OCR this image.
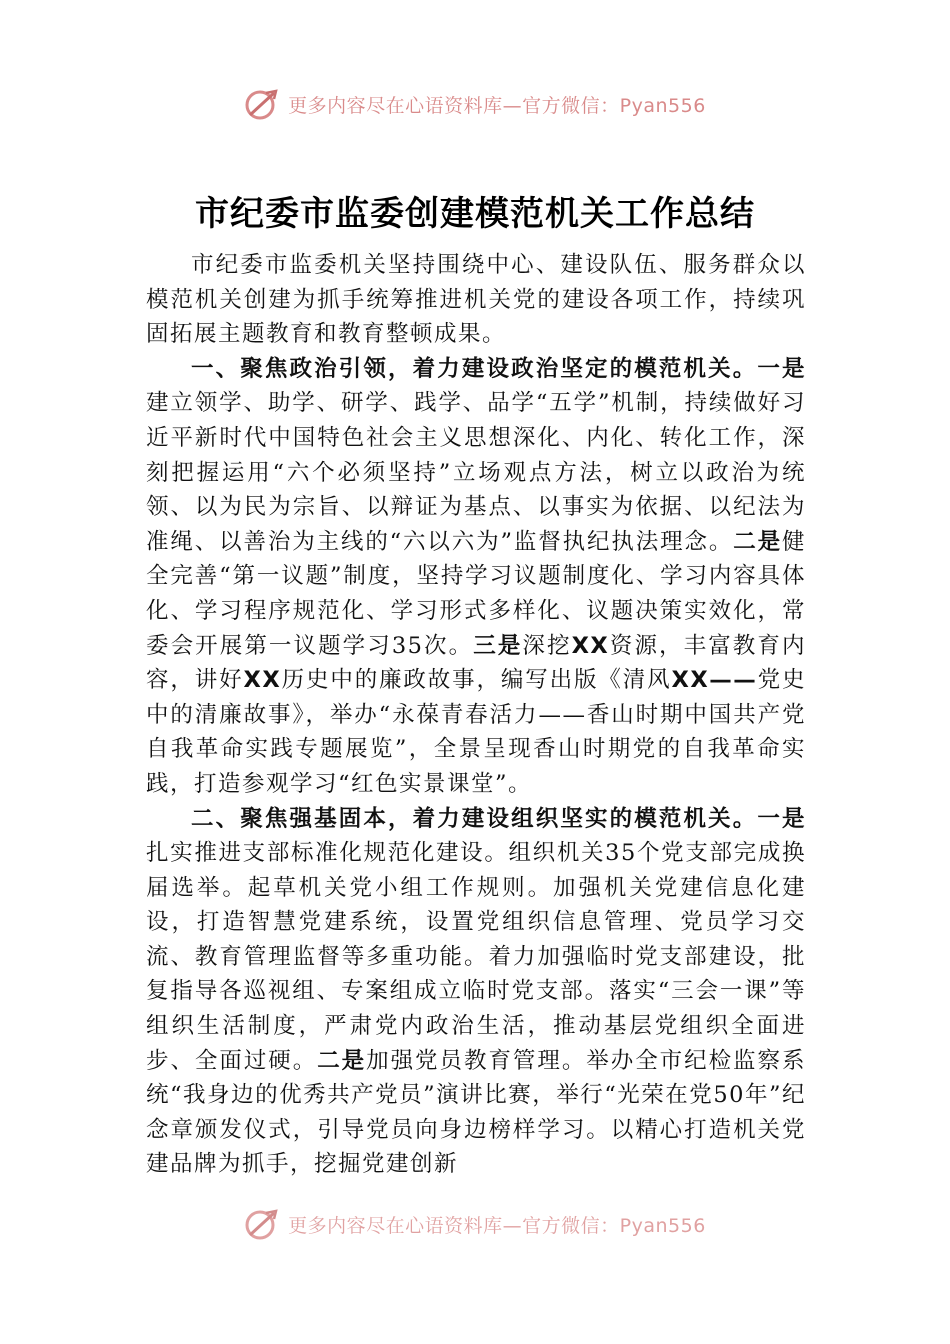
更多内容尽在心语资料库—官方微信：Pyan556
市纪委市监委创建模范机关工作总结

市纪委市监委机关坚持围绕中心、建设队伍、服务群众以模范机关创建为抓手统筹推进机关党的建设各项工作，持续巩固拓展主题教育和教育整顿成果。

一、聚焦政治引领，着力建设政治坚定的模范机关。一是建立领学、助学、研学、践学、品学“五学”机制，持续做好习近平新时代中国特色社会主义思想深化、内化、转化工作，深刻把握运用“六个必须坚持”立场观点方法，树立以政治为统领、以为民为宗旨、以辩证为基点、以事实为依据、以纪法为准绳、以善治为主线的“六以六为”监督执纪执法理念。二是健全完善“第一议题”制度，坚持学习议题制度化、学习内容具体化、学习程序规范化、学习形式多样化、议题决策实效化，常委会开展第一议题学习35次。三是深挖XX资源，丰富教育内容，讲好XX历史中的廉政故事，编写出版《清风XX——党史中的清廉故事》，举办“永葆青春活力——香山时期中国共产党自我革命实践专题展览”，全景呈现香山时期党的自我革命实践，打造参观学习“红色实景课堂”。

二、聚焦强基固本，着力建设组织坚实的模范机关。一是扎实推进支部标准化规范化建设。组织机关35个党支部完成换届选举。起草机关党小组工作规则。加强机关党建信息化建设，打造智慧党建系统，设置党组织信息管理、党员学习交流、教育管理监督等多重功能。着力加强临时党支部建设，批复指导各巡视组、专案组成立临时党支部。落实“三会一课”等组织生活制度，严肃党内政治生活，推动基层党组织全面进步、全面过硬。二是加强党员教育管理。举办全市纪检监察系统“我身边的优秀共产党员”演讲比赛，举行“光荣在党50年”纪念章颁发仪式，引导党员向身边榜样学习。以精心打造机关党建品牌为抓手，挖掘党建创新

更多内容尽在心语资料库—官方微信：Pyan556
